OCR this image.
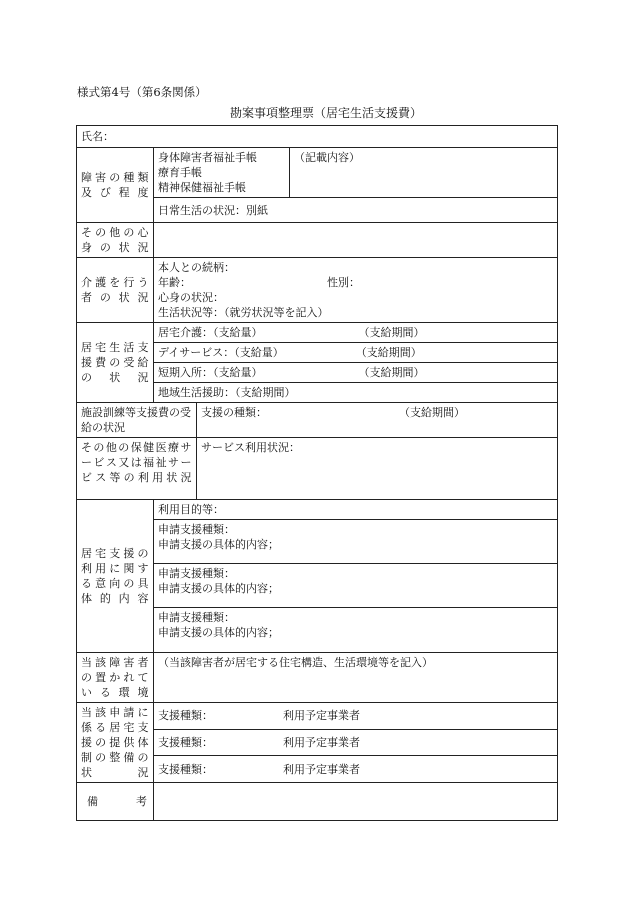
様式第4号（第6条関係）
勘案事項整理票（居宅生活支援費）
氏名：			
障害の種類及び程度	身体障害者福祉手帳
療育手帳
精神保健福祉手帳		（記載内容）
	日常生活の状況：別紙		
その他の心身の状況			
介護を行う者の状況	本人との続柄：
年齢： 性別：
心身の状況：
生活状況等：（就労状況等を記入）		

居宅生活支援費の受給の状況	居宅介護：（支給量） （支給期間）		
	デイサービス：（支給量） （支給期間）		
	短期入所：（支給量） （支給期間）		
	地域生活援助：（支給期間）		
施設訓練等支援費の受給の状況		支援の種類： （支給期間）	
その他の保健医療サービス又は福祉サービス等の利用状況		サービス利用状況：	
居宅支援の利用に関する意向の具体的内容	利用目的等：		

	申請支援種類：
申請支援の具体的内容；		

	申請支援種類：
申請支援の具体的内容；		

	申請支援種類：
申請支援の具体的内容；		

当該障害者の置かれている環境	（当該障害者が居宅する住宅構造、生活環境等を記入）		
当該申請に係る居宅支援の提供体制の整備の状況	支援種類： 利用予定事業者		
	支援種類： 利用予定事業者		
	支援種類： 利用予定事業者		
備 考			
